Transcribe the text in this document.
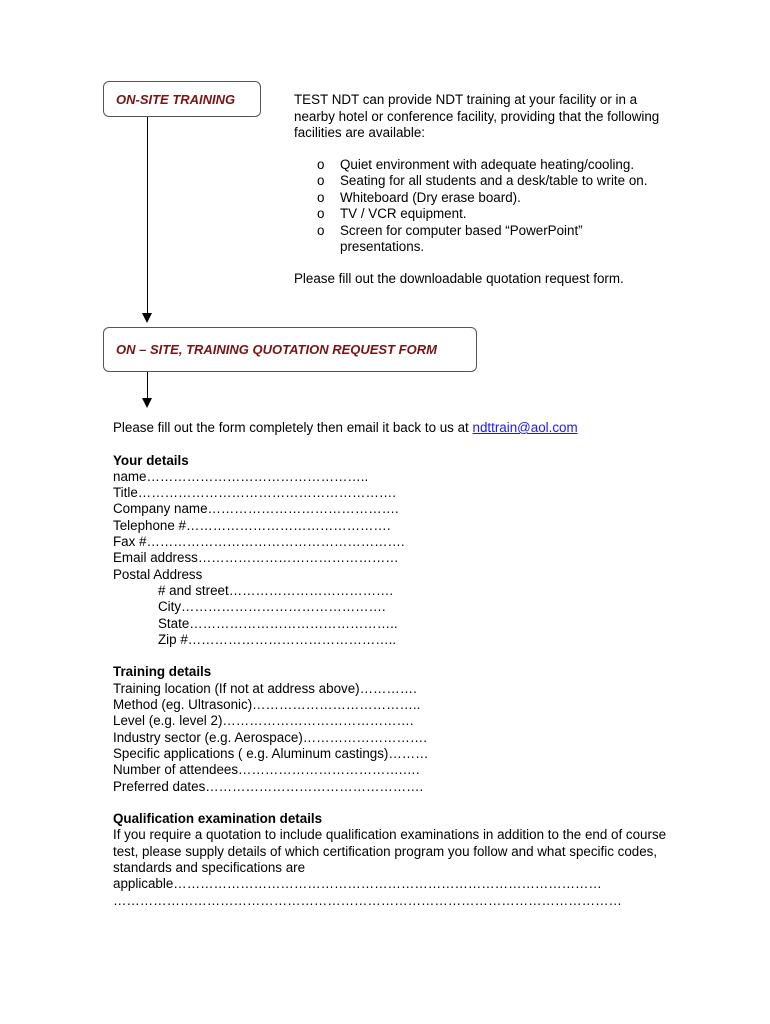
ON-SITE TRAINING	TEST NDT can provide NDT training at your facility or in a nearby hotel or conference facility, providing that the following facilities are available:

o Quiet environment with adequate heating/cooling.
o Seating for all students and a desk/table to write on.
o Whiteboard (Dry erase board).
o TV / VCR equipment.
o Screen for computer based “PowerPoint” presentations.

Please fill out the downloadable quotation request form.

ON – SITE, TRAINING QUOTATION REQUEST FORM

Please fill out the form completely then email it back to us at ndttrain@aol.com

Your details

name…………………………………………..

Title………………………………………………….

Company name…………………………………….

Telephone #……………………………………….

Fax #………………………………………………….

Email address………………………………………

Postal Address

# and street……………………………….

City……………………………………….

State………………………………………..

Zip #………………………………………..

Training details

Training location (If not at address above)………….

Method (eg. Ultrasonic)………………………………..

Level (e.g. level 2)…………………………………….

Industry sector (e.g. Aerospace)……………………….

Specific applications ( e.g. Aluminum castings)………

Number of attendees……………………………….….

Preferred dates………………………………………….

Qualification examination details

If you require a quotation to include qualification examinations in addition to the end of course test, please supply details of which certification program you follow and what specific codes, standards and specifications are

applicable……………………………………………………………………………………

……………………………………………………………………………………………………
